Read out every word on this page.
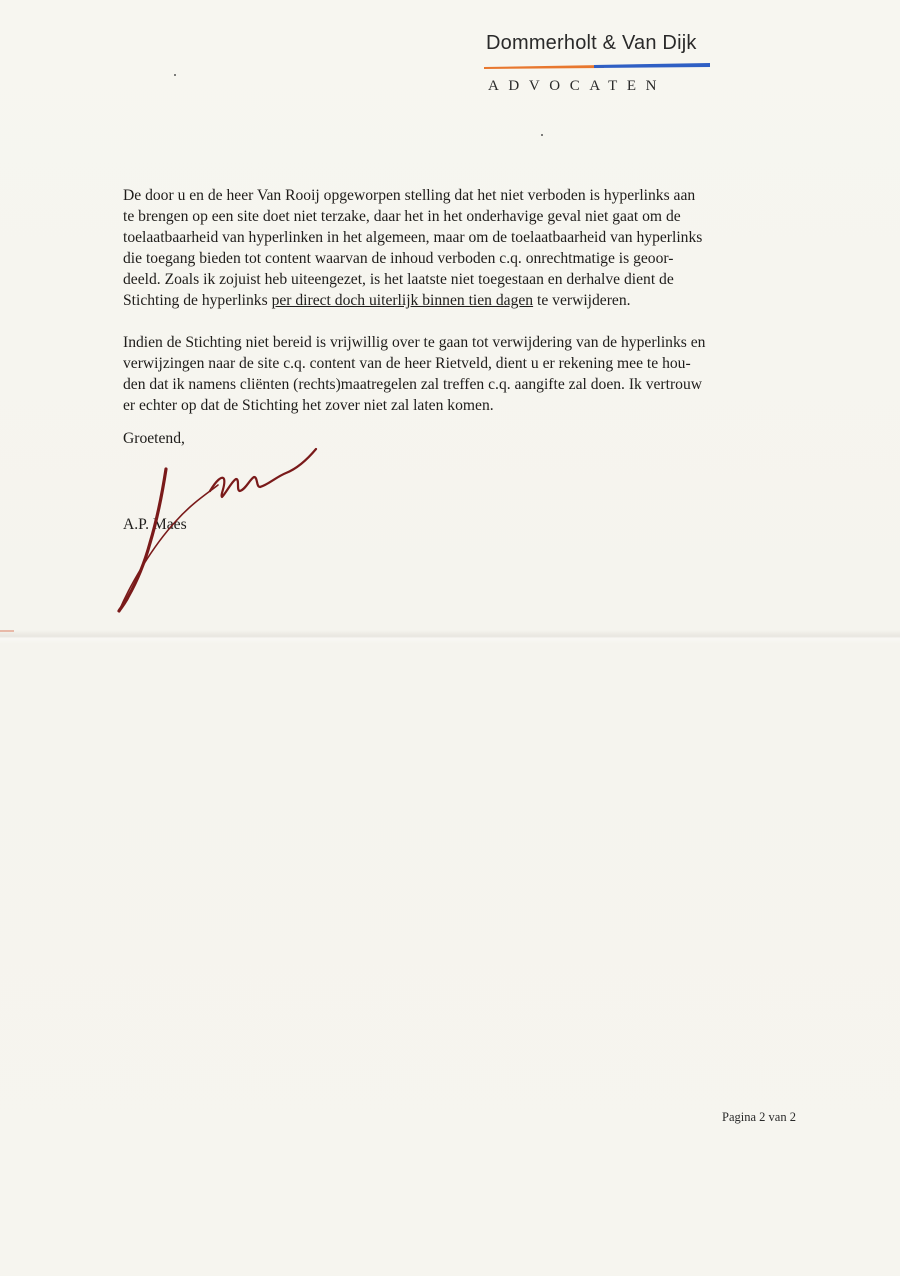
Dommerholt & Van Dijk
ADVOCATEN

De door u en de heer Van Rooij opgeworpen stelling dat het niet verboden is hyperlinks aan
te brengen op een site doet niet terzake, daar het in het onderhavige geval niet gaat om de
toelaatbaarheid van hyperlinken in het algemeen, maar om de toelaatbaarheid van hyperlinks
die toegang bieden tot content waarvan de inhoud verboden c.q. onrechtmatige is geoor-
deeld. Zoals ik zojuist heb uiteengezet, is het laatste niet toegestaan en derhalve dient de
Stichting de hyperlinks per direct doch uiterlijk binnen tien dagen te verwijderen.

Indien de Stichting niet bereid is vrijwillig over te gaan tot verwijdering van de hyperlinks en
verwijzingen naar de site c.q. content van de heer Rietveld, dient u er rekening mee te hou-
den dat ik namens cliënten (rechts)maatregelen zal treffen c.q. aangifte zal doen. Ik vertrouw
er echter op dat de Stichting het zover niet zal laten komen.

Groetend,
A.P. Maes
Pagina 2 van 2
